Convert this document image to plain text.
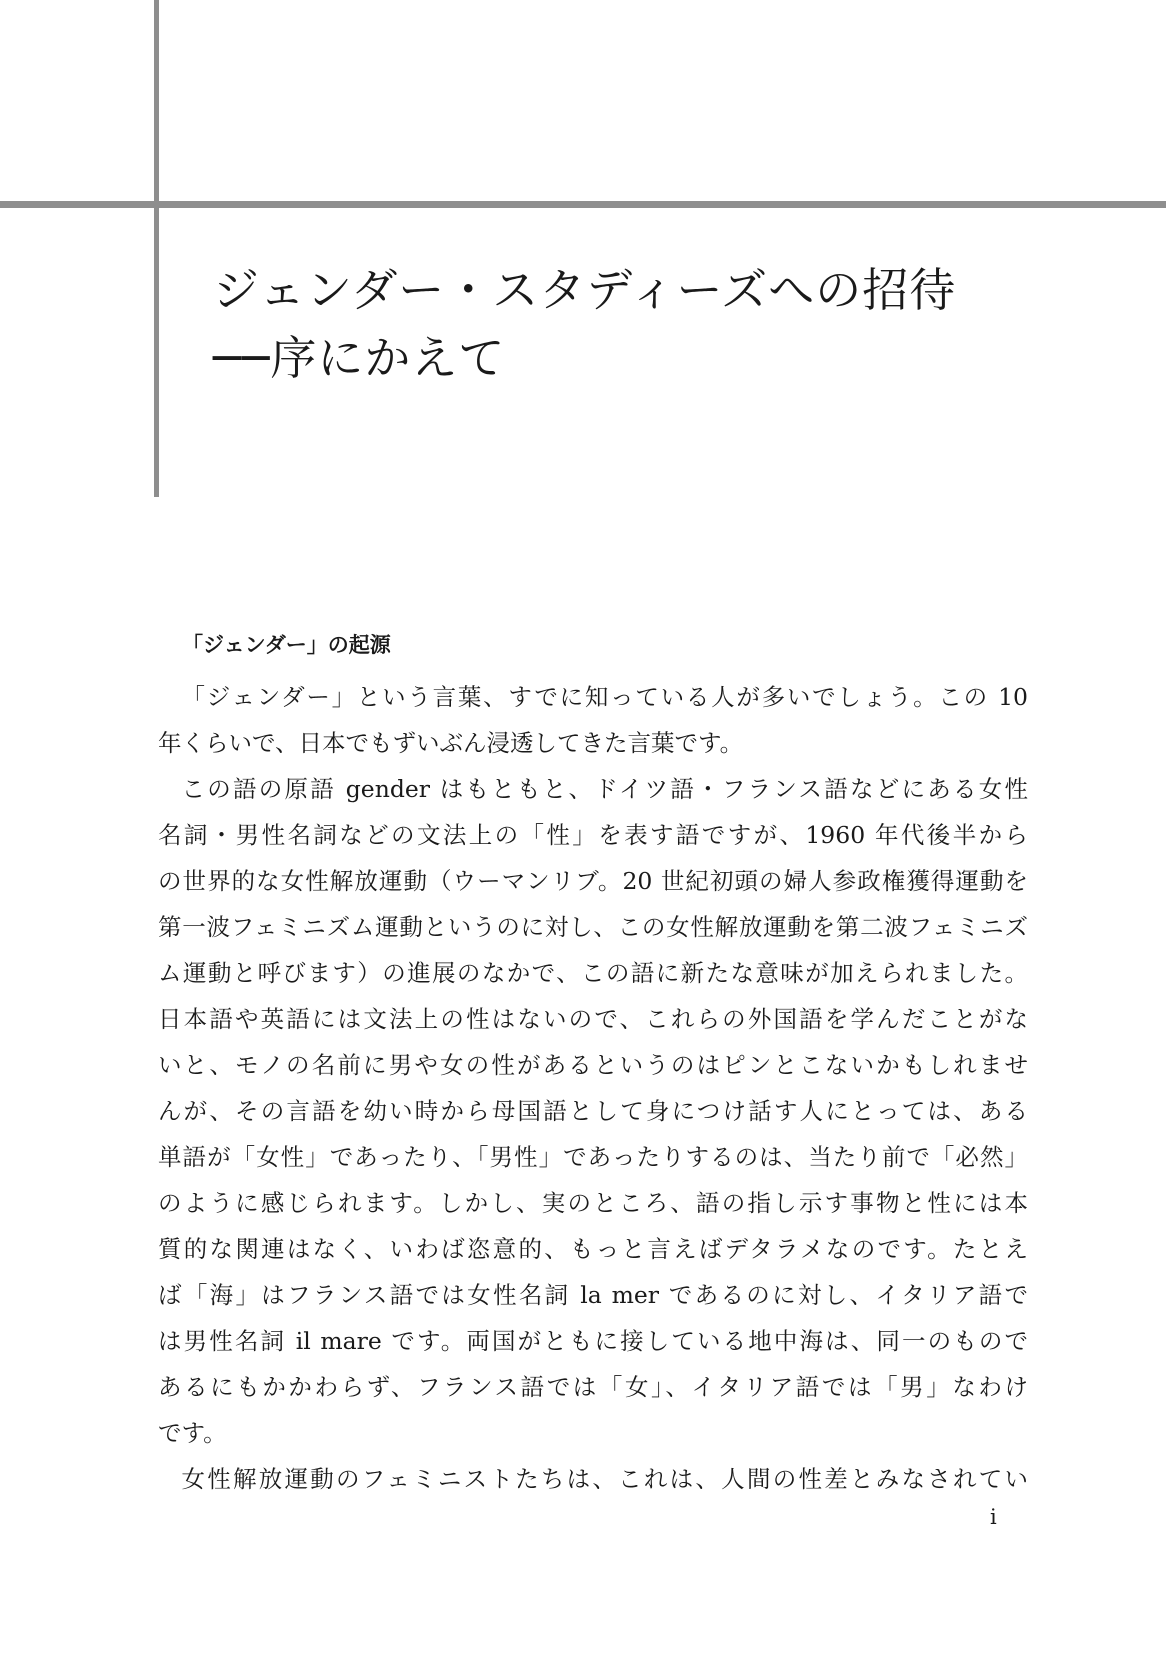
ジェンダー・スタディーズへの招待
──序にかえて
「ジェンダー」の起源
「ジェンダー」という言葉、すでに知っている人が多いでしょう。この 10
年くらいで、日本でもずいぶん浸透してきた言葉です。
この語の原語 gender はもともと、ドイツ語・フランス語などにある女性
名詞・男性名詞などの文法上の「性」を表す語ですが、1960 年代後半から
の世界的な女性解放運動（ウーマンリブ。20 世紀初頭の婦人参政権獲得運動を
第一波フェミニズム運動というのに対し、この女性解放運動を第二波フェミニズ
ム運動と呼びます）の進展のなかで、この語に新たな意味が加えられました。
日本語や英語には文法上の性はないので、これらの外国語を学んだことがな
いと、モノの名前に男や女の性があるというのはピンとこないかもしれませ
んが、その言語を幼い時から母国語として身につけ話す人にとっては、ある
単語が「女性」であったり、「男性」であったりするのは、当たり前で「必然」
のように感じられます。しかし、実のところ、語の指し示す事物と性には本
質的な関連はなく、いわば恣意的、もっと言えばデタラメなのです。たとえ
ば「海」はフランス語では女性名詞 la mer であるのに対し、イタリア語で
は男性名詞 il mare です。両国がともに接している地中海は、同一のもので
あるにもかかわらず、フランス語では「女」、イタリア語では「男」なわけ
です。
女性解放運動のフェミニストたちは、これは、人間の性差とみなされてい
i
